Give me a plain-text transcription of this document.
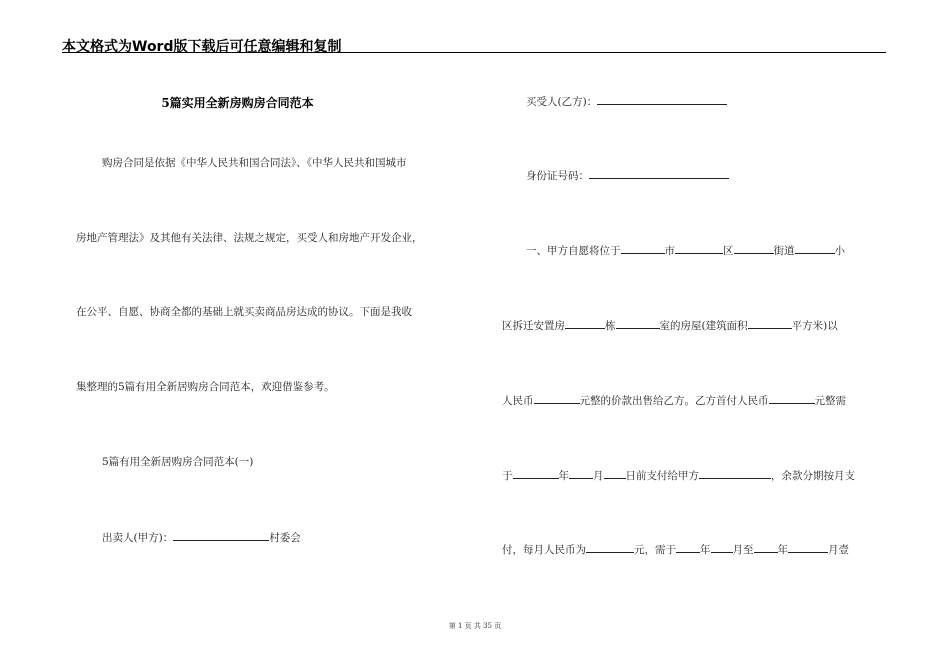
本文格式为Word版下载后可任意编辑和复制
5篇实用全新房购房合同范本
购房合同是依据《中华人民共和国合同法》、《中华人民共和国城市
房地产管理法》及其他有关法律、法规之规定，买受人和房地产开发企业，
在公平、自愿、协商全都的基础上就买卖商品房达成的协议。下面是我收
集整理的5篇有用全新居购房合同范本，欢迎借鉴参考。
5篇有用全新居购房合同范本(一)
出卖人(甲方)：	村委会
买受人(乙方)：
身份证号码：
一、甲方自愿将位于	市	区	街道	小
区拆迁安置房	栋	室的房屋(建筑面积	平方米)以
人民币	元整的价款出售给乙方。乙方首付人民币	元整需
于	年 月 日前支付给甲方	，余款分期按月支
付，每月人民币为	元，需于 年 月至 年	月壹
第 1 页 共 35 页
